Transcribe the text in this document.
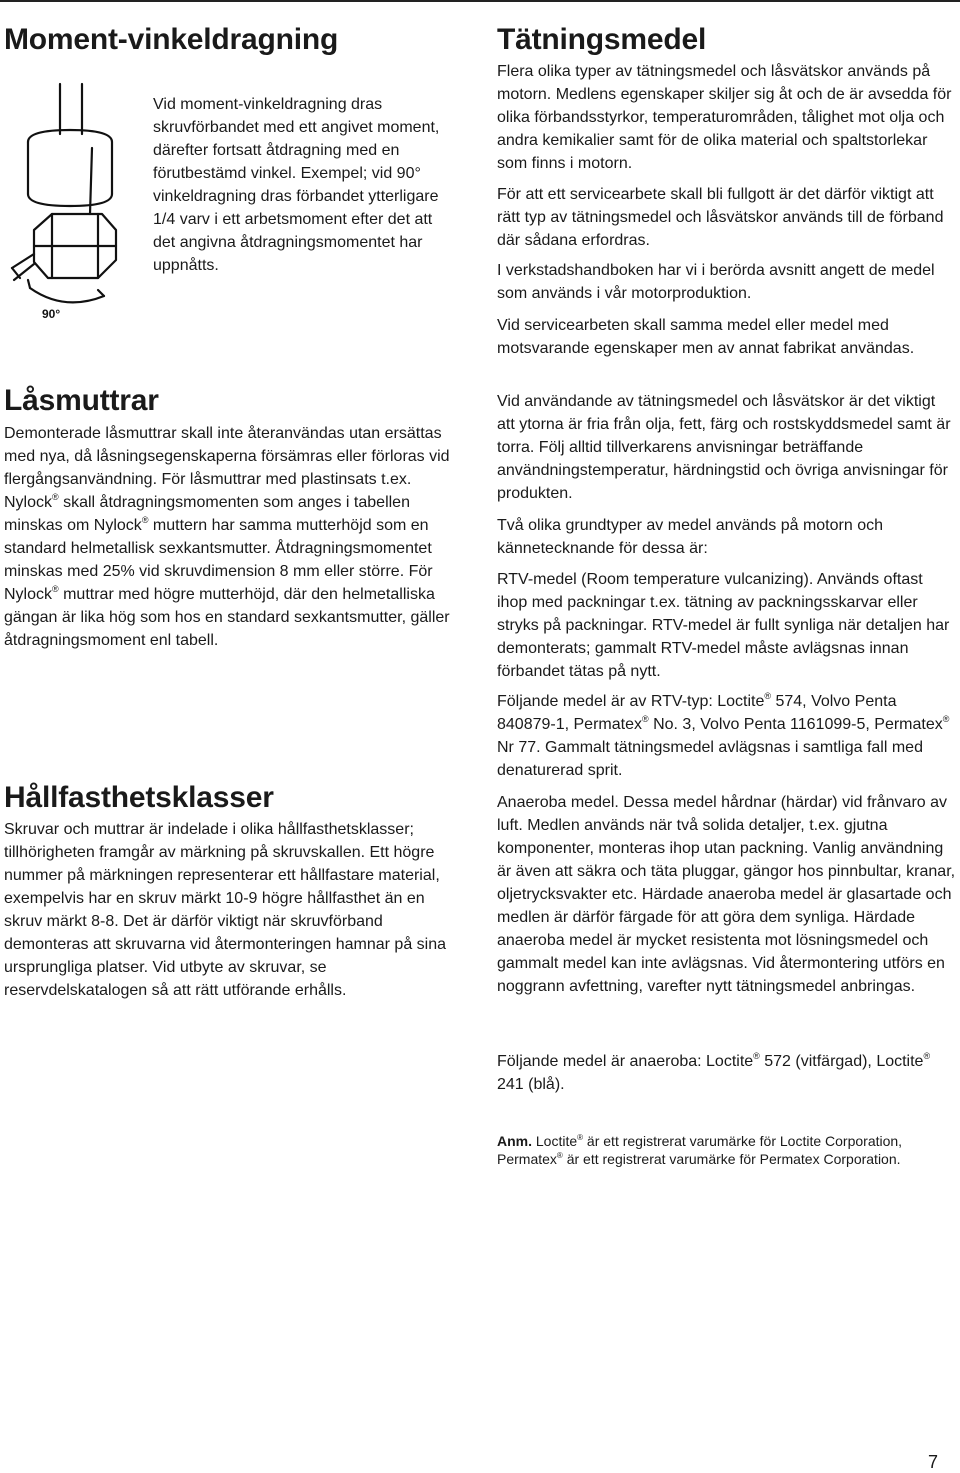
Moment-vinkeldragning
90°

Vid moment-vinkeldragning dras skruvförbandet med ett angivet moment, därefter fortsatt åtdragning med en förutbestämd vinkel. Exempel; vid 90° vinkeldragning dras förbandet ytterligare 1/4 varv i ett arbetsmoment efter det att det angivna åtdragningsmomentet har uppnåtts.

Låsmuttrar

Demonterade låsmuttrar skall inte återanvändas utan ersättas med nya, då låsningsegenskaperna försämras eller förloras vid flergångsanvändning. För låsmuttrar med plastinsats t.ex. Nylock® skall åtdragningsmomenten som anges i tabellen minskas om Nylock® muttern har samma mutterhöjd som en standard helmetallisk sexkantsmutter. Åtdragningsmomentet minskas med 25% vid skruvdimension 8 mm eller större. För Nylock® muttrar med högre mutterhöjd, där den helmetalliska gängan är lika hög som hos en standard sexkantsmutter, gäller åtdragningsmoment enl tabell.

Hållfasthetsklasser

Skruvar och muttrar är indelade i olika hållfasthetsklasser; tillhörigheten framgår av märkning på skruvskallen. Ett högre nummer på märkningen representerar ett hållfastare material, exempelvis har en skruv märkt 10-9 högre hållfasthet än en skruv märkt 8-8. Det är därför viktigt när skruvförband demonteras att skruvarna vid återmonteringen hamnar på sina ursprungliga platser. Vid utbyte av skruvar, se reservdelskatalogen så att rätt utförande erhålls.

Tätningsmedel

Flera olika typer av tätningsmedel och låsvätskor används på motorn. Medlens egenskaper skiljer sig åt och de är avsedda för olika förbandsstyrkor, temperaturområden, tålighet mot olja och andra kemikalier samt för de olika material och spaltstorlekar som finns i motorn.

För att ett servicearbete skall bli fullgott är det därför viktigt att rätt typ av tätningsmedel och låsvätskor används till de förband där sådana erfordras.

I verkstadshandboken har vi i berörda avsnitt angett de medel som används i vår motorproduktion.

Vid servicearbeten skall samma medel eller medel med motsvarande egenskaper men av annat fabrikat användas.

Vid användande av tätningsmedel och låsvätskor är det viktigt att ytorna är fria från olja, fett, färg och rostskyddsmedel samt är torra. Följ alltid tillverkarens anvisningar beträffande användningstemperatur, härdningstid och övriga anvisningar för produkten.

Två olika grundtyper av medel används på motorn och kännetecknande för dessa är:

RTV-medel (Room temperature vulcanizing). Används oftast ihop med packningar t.ex. tätning av packningsskarvar eller stryks på packningar. RTV-medel är fullt synliga när detaljen har demonterats; gammalt RTV-medel måste avlägsnas innan förbandet tätas på nytt.

Följande medel är av RTV-typ: Loctite® 574, Volvo Penta 840879-1, Permatex® No. 3, Volvo Penta 1161099-5, Permatex® Nr 77. Gammalt tätningsmedel avlägsnas i samtliga fall med denaturerad sprit.

Anaeroba medel. Dessa medel hårdnar (härdar) vid frånvaro av luft. Medlen används när två solida detaljer, t.ex. gjutna komponenter, monteras ihop utan packning. Vanlig användning är även att säkra och täta pluggar, gängor hos pinnbultar, kranar, oljetrycksvakter etc. Härdade anaeroba medel är glasartade och medlen är därför färgade för att göra dem synliga. Härdade anaeroba medel är mycket resistenta mot lösningsmedel och gammalt medel kan inte avlägsnas. Vid återmontering utförs en noggrann avfettning, varefter nytt tätningsmedel anbringas.

Följande medel är anaeroba: Loctite® 572 (vitfärgad), Loctite® 241 (blå).

Anm. Loctite® är ett registrerat varumärke för Loctite Corporation, Permatex® är ett registrerat varumärke för Permatex Corporation.

7
